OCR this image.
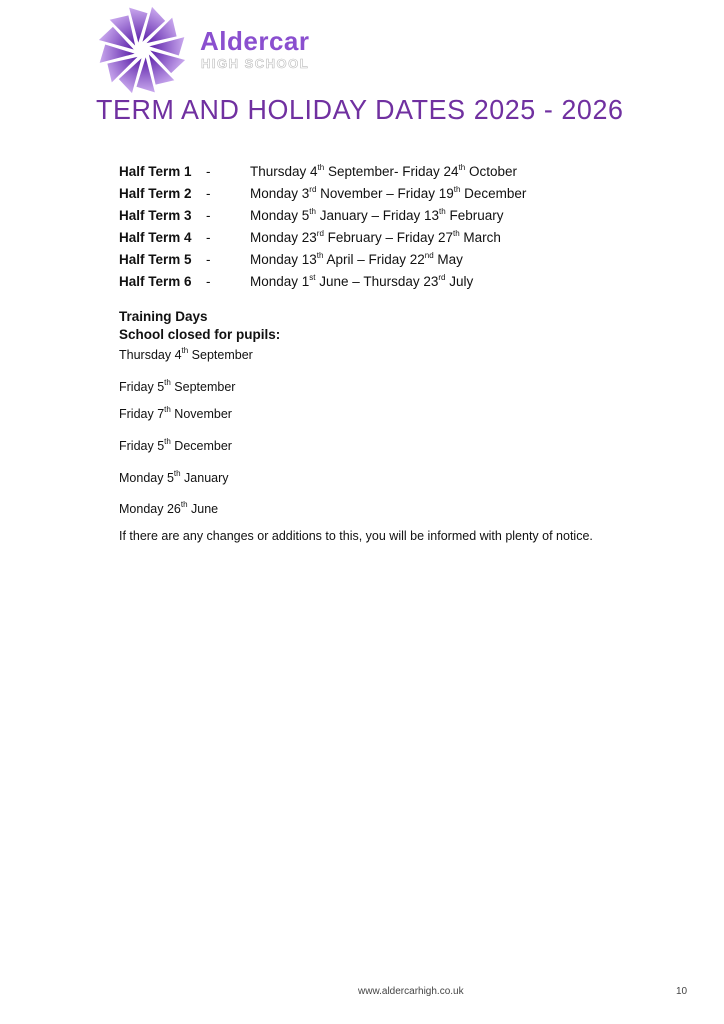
Aldercar
HIGH SCHOOL
TERM AND HOLIDAY DATES 2025 - 2026
Half Term 1 -	Thursday 4th September- Friday 24th October
Half Term 2 -	Monday 3rd November – Friday 19th December
Half Term 3 -	Monday 5th January – Friday 13th February
Half Term 4 -	Monday 23rd February – Friday 27th March
Half Term 5 -	Monday 13th April – Friday 22nd May
Half Term 6 -	Monday 1st June – Thursday 23rd July
Training Days
School closed for pupils:
Thursday 4th September
Friday 5th September
Friday 7th November
Friday 5th December
Monday 5th January
Monday 26th June
If there are any changes or additions to this, you will be informed with plenty of notice.
www.aldercarhigh.co.uk	10
